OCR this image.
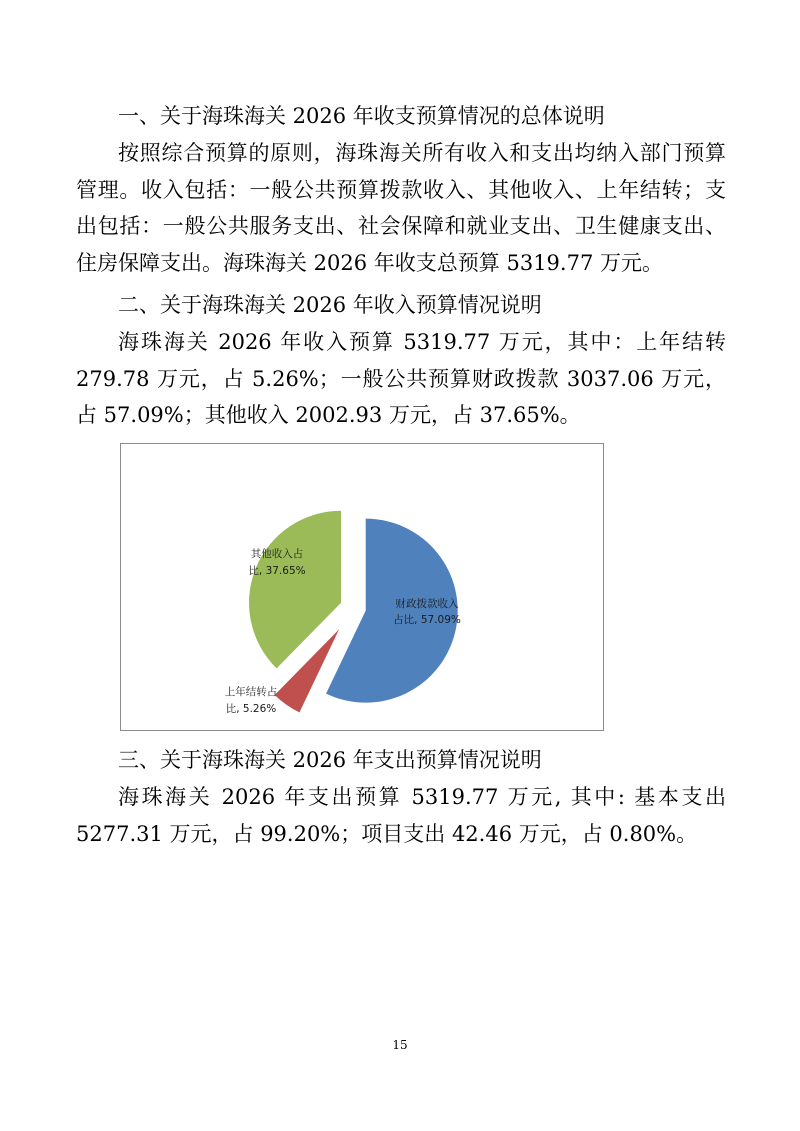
一、关于海珠海关 2026 年收支预算情况的总体说明

按照综合预算的原则，海珠海关所有收入和支出均纳入部门预算管理。收入包括：一般公共预算拨款收入、其他收入、上年结转；支出包括：一般公共服务支出、社会保障和就业支出、卫生健康支出、住房保障支出。海珠海关 2026 年收支总预算 5319.77 万元。

二、关于海珠海关 2026 年收入预算情况说明

海珠海关 2026 年收入预算 5319.77 万元，其中：上年结转 279.78 万元，占 5.26%；一般公共预算财政拨款 3037.06 万元，占 57.09%；其他收入 2002.93 万元，占 37.65%。

财政拨款收入
占比, 57.09%
上年结转占
比, 5.26%
其他收入占
比, 37.65%
三、关于海珠海关 2026 年支出预算情况说明

海珠海关 2026 年支出预算 5319.77 万元, 其中: 基本支出 5277.31 万元，占 99.20%；项目支出 42.46 万元，占 0.80%。

15
